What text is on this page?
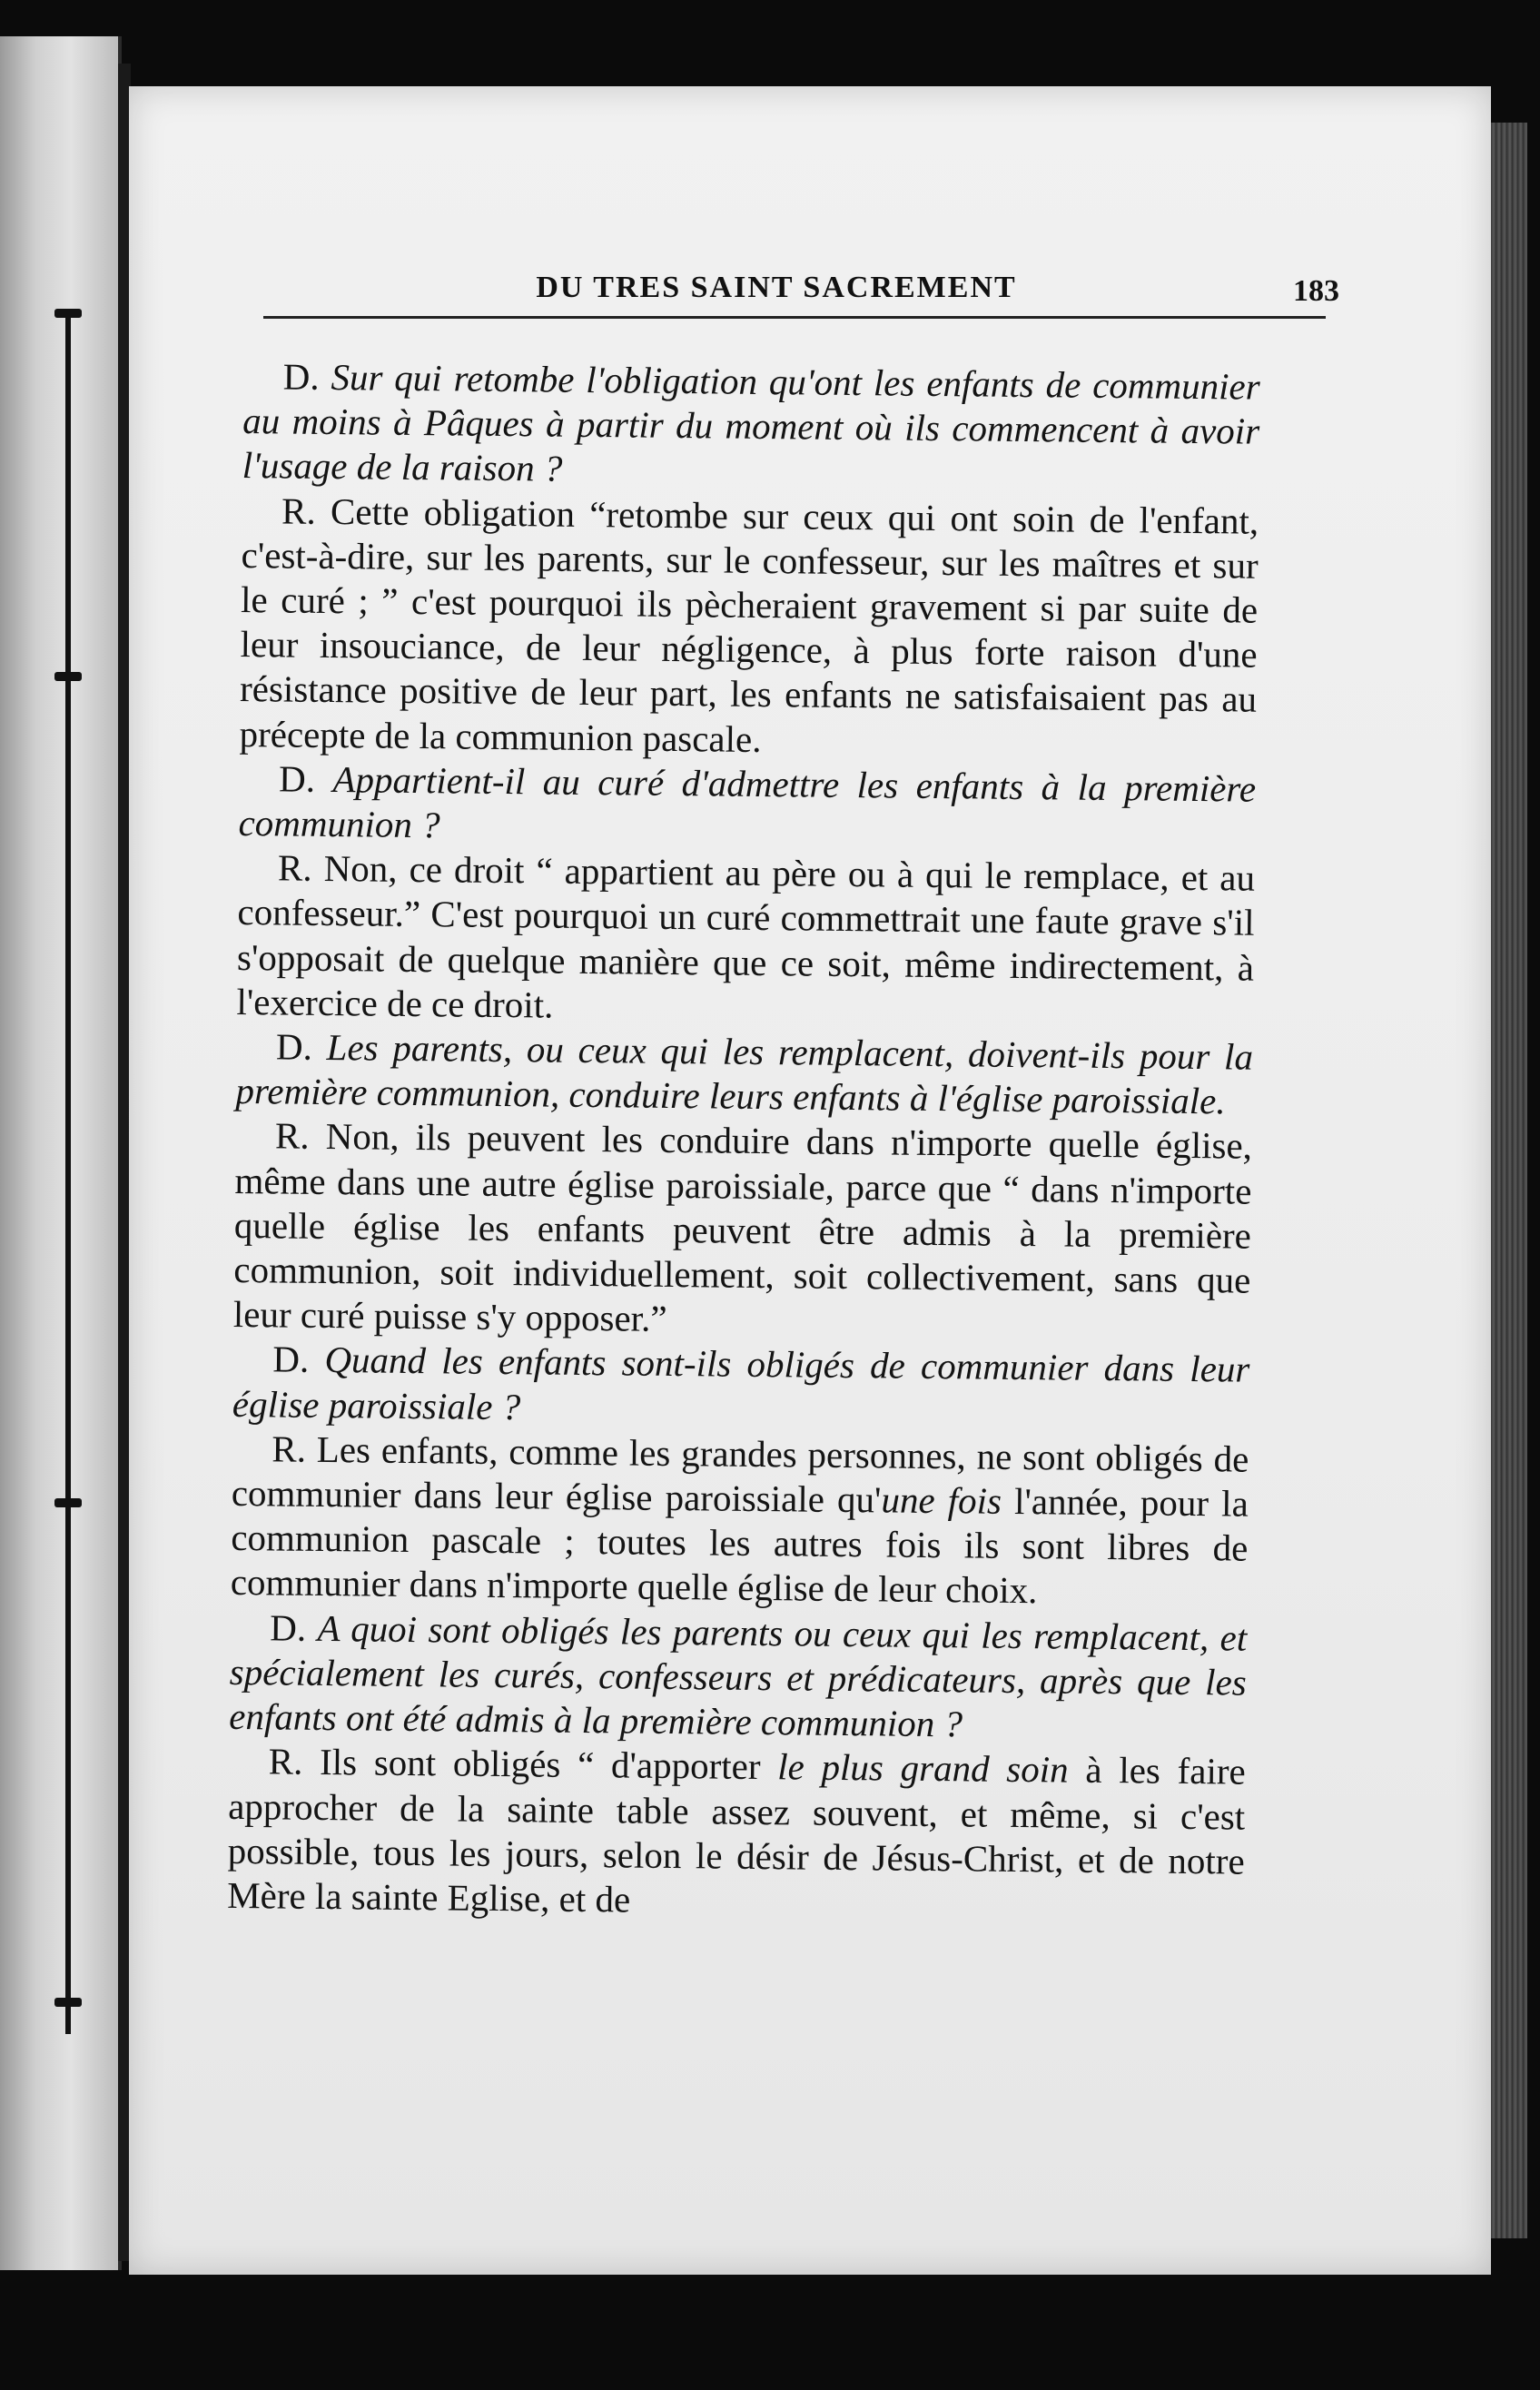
DU TRES SAINT SACREMENT	183

D. Sur qui retombe l'obligation qu'ont les enfants de communier au moins à Pâques à partir du moment où ils commencent à avoir l'usage de la raison ?

R. Cette obligation “retombe sur ceux qui ont soin de l'enfant, c'est-à-dire, sur les parents, sur le confesseur, sur les maîtres et sur le curé ; ” c'est pourquoi ils pècheraient gravement si par suite de leur insouciance, de leur négligence, à plus forte raison d'une résistance positive de leur part, les enfants ne satisfaisaient pas au précepte de la communion pascale.

D. Appartient-il au curé d'admettre les enfants à la première communion ?

R. Non, ce droit “ appartient au père ou à qui le remplace, et au confesseur.” C'est pourquoi un curé commettrait une faute grave s'il s'opposait de quelque manière que ce soit, même indirectement, à l'exercice de ce droit.

D. Les parents, ou ceux qui les remplacent, doivent-ils pour la première communion, conduire leurs enfants à l'église paroissiale.

R. Non, ils peuvent les conduire dans n'importe quelle église, même dans une autre église paroissiale, parce que “ dans n'importe quelle église les enfants peuvent être admis à la première communion, soit individuellement, soit collectivement, sans que leur curé puisse s'y opposer.”

D. Quand les enfants sont-ils obligés de communier dans leur église paroissiale ?

R. Les enfants, comme les grandes personnes, ne sont obligés de communier dans leur église paroissiale qu'une fois l'année, pour la communion pascale ; toutes les autres fois ils sont libres de communier dans n'importe quelle église de leur choix.

D. A quoi sont obligés les parents ou ceux qui les remplacent, et spécialement les curés, confesseurs et prédicateurs, après que les enfants ont été admis à la première communion ?

R. Ils sont obligés “ d'apporter le plus grand soin à les faire approcher de la sainte table assez souvent, et même, si c'est possible, tous les jours, selon le désir de Jésus-Christ, et de notre Mère la sainte Eglise, et de
